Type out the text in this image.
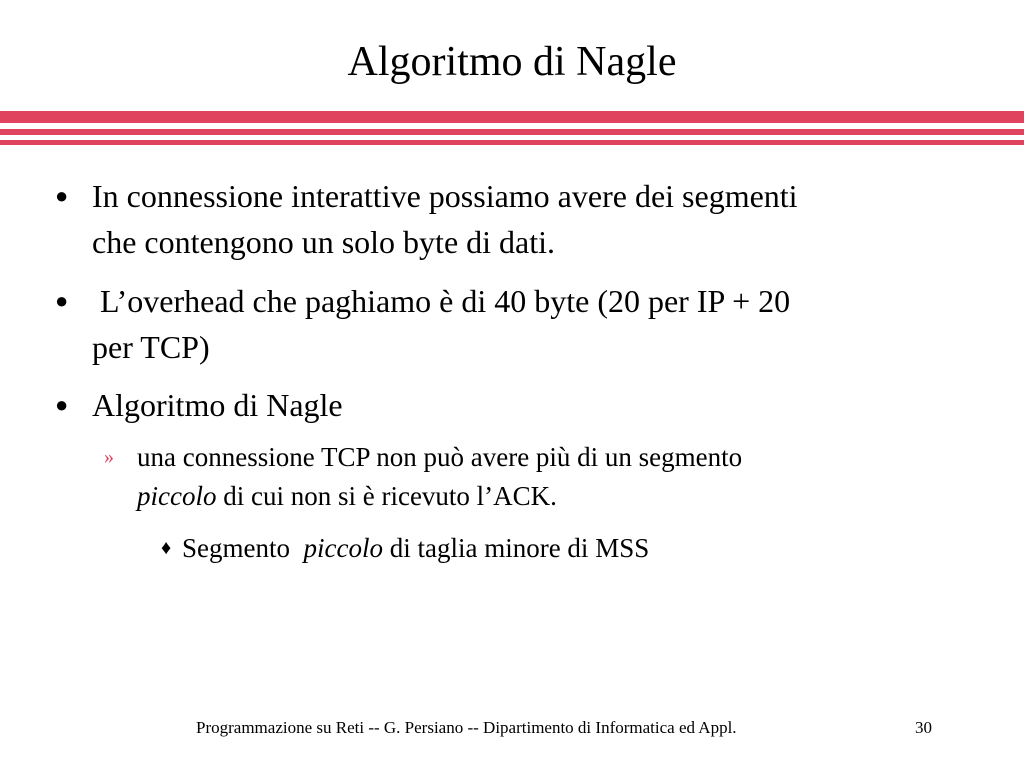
Algoritmo di Nagle
● In connessione interattive possiamo avere dei segmenti
che contengono un solo byte di dati.
● L’overhead che paghiamo è di 40 byte (20 per IP + 20
per TCP)
● Algoritmo di Nagle
» una connessione TCP non può avere più di un segmento
piccolo di cui non si è ricevuto l’ACK.
♦ Segmento  piccolo di taglia minore di MSS
Programmazione su Reti -- G. Persiano -- Dipartimento di Informatica ed Appl.	30
